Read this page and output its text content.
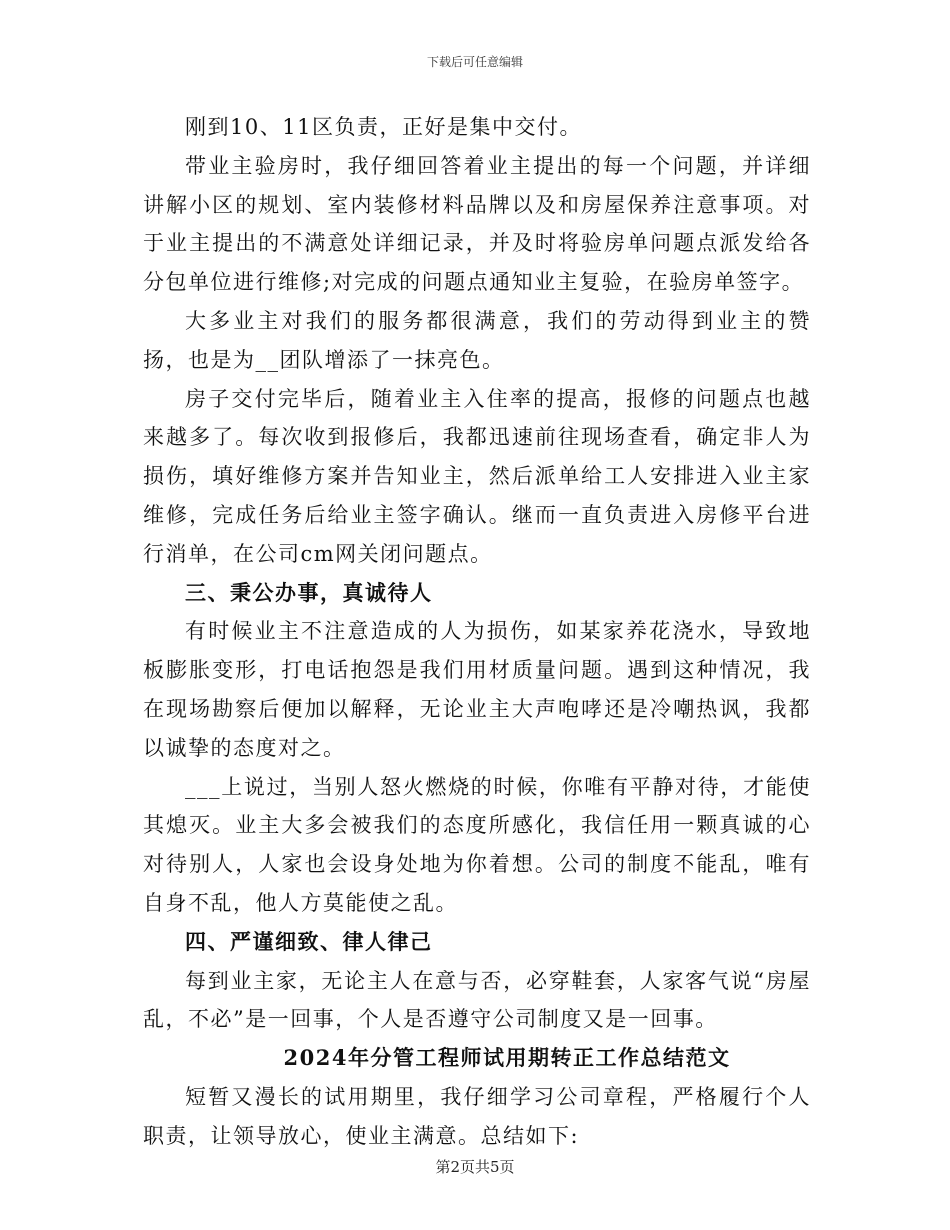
下载后可任意编辑

刚到10、11区负责，正好是集中交付。

带业主验房时，我仔细回答着业主提出的每一个问题，并详细讲解小区的规划、室内装修材料品牌以及和房屋保养注意事项。对于业主提出的不满意处详细记录，并及时将验房单问题点派发给各分包单位进行维修;对完成的问题点通知业主复验，在验房单签字。

大多业主对我们的服务都很满意，我们的劳动得到业主的赞扬，也是为__团队增添了一抹亮色。

房子交付完毕后，随着业主入住率的提高，报修的问题点也越来越多了。每次收到报修后，我都迅速前往现场查看，确定非人为损伤，填好维修方案并告知业主，然后派单给工人安排进入业主家维修，完成任务后给业主签字确认。继而一直负责进入房修平台进行消单，在公司cm网关闭问题点。

三、秉公办事，真诚待人

有时候业主不注意造成的人为损伤，如某家养花浇水，导致地板膨胀变形，打电话抱怨是我们用材质量问题。遇到这种情况，我在现场勘察后便加以解释，无论业主大声咆哮还是冷嘲热讽，我都以诚挚的态度对之。

___上说过，当别人怒火燃烧的时候，你唯有平静对待，才能使其熄灭。业主大多会被我们的态度所感化，我信任用一颗真诚的心对待别人，人家也会设身处地为你着想。公司的制度不能乱，唯有自身不乱，他人方莫能使之乱。

四、严谨细致、律人律己

每到业主家，无论主人在意与否，必穿鞋套，人家客气说“房屋乱，不必”是一回事，个人是否遵守公司制度又是一回事。

2024年分管工程师试用期转正工作总结范文

短暂又漫长的试用期里，我仔细学习公司章程，严格履行个人职责，让领导放心，使业主满意。总结如下:

第2页共5页
